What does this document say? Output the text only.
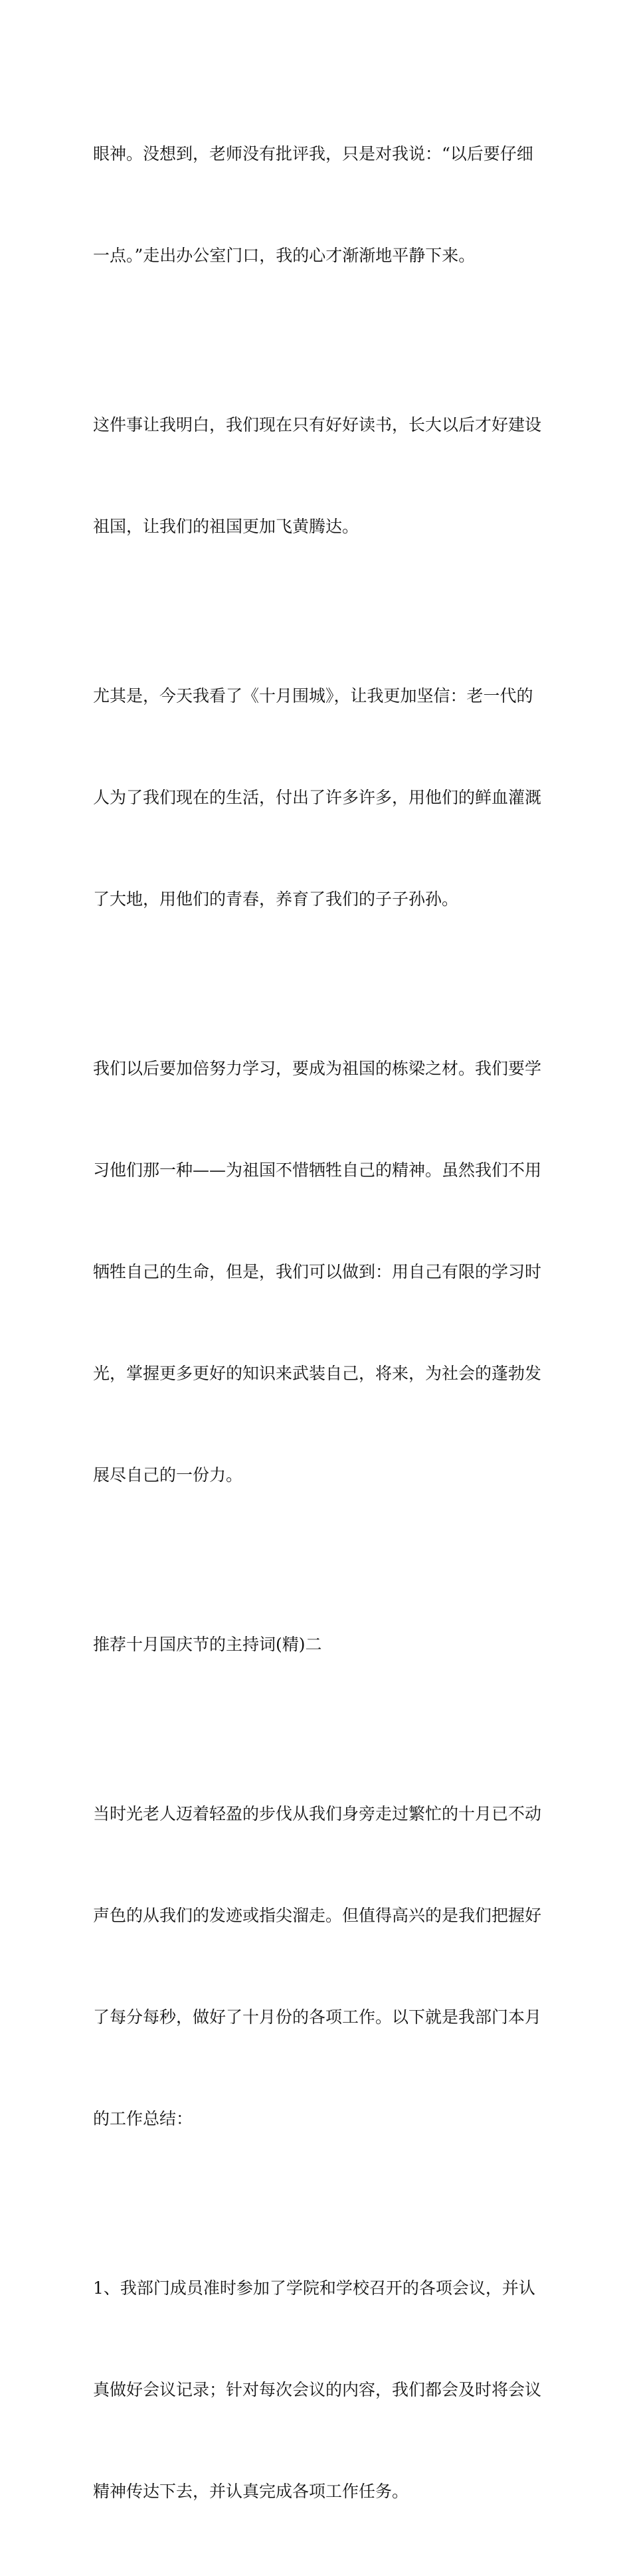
眼神。没想到，老师没有批评我，只是对我说：“以后要仔细

一点。”走出办公室门口，我的心才渐渐地平静下来。

这件事让我明白，我们现在只有好好读书，长大以后才好建设

祖国，让我们的祖国更加飞黄腾达。

尤其是，今天我看了《十月围城》，让我更加坚信：老一代的

人为了我们现在的生活，付出了许多许多，用他们的鲜血灌溉

了大地，用他们的青春，养育了我们的子子孙孙。

我们以后要加倍努力学习，要成为祖国的栋梁之材。我们要学

习他们那一种——为祖国不惜牺牲自己的精神。虽然我们不用

牺牲自己的生命，但是，我们可以做到：用自己有限的学习时

光，掌握更多更好的知识来武装自己，将来，为社会的蓬勃发

展尽自己的一份力。

推荐十月国庆节的主持词(精)二

当时光老人迈着轻盈的步伐从我们身旁走过繁忙的十月已不动

声色的从我们的发迹或指尖溜走。但值得高兴的是我们把握好

了每分每秒，做好了十月份的各项工作。以下就是我部门本月

的工作总结：

1、我部门成员准时参加了学院和学校召开的各项会议，并认

真做好会议记录；针对每次会议的内容，我们都会及时将会议

精神传达下去，并认真完成各项工作任务。
